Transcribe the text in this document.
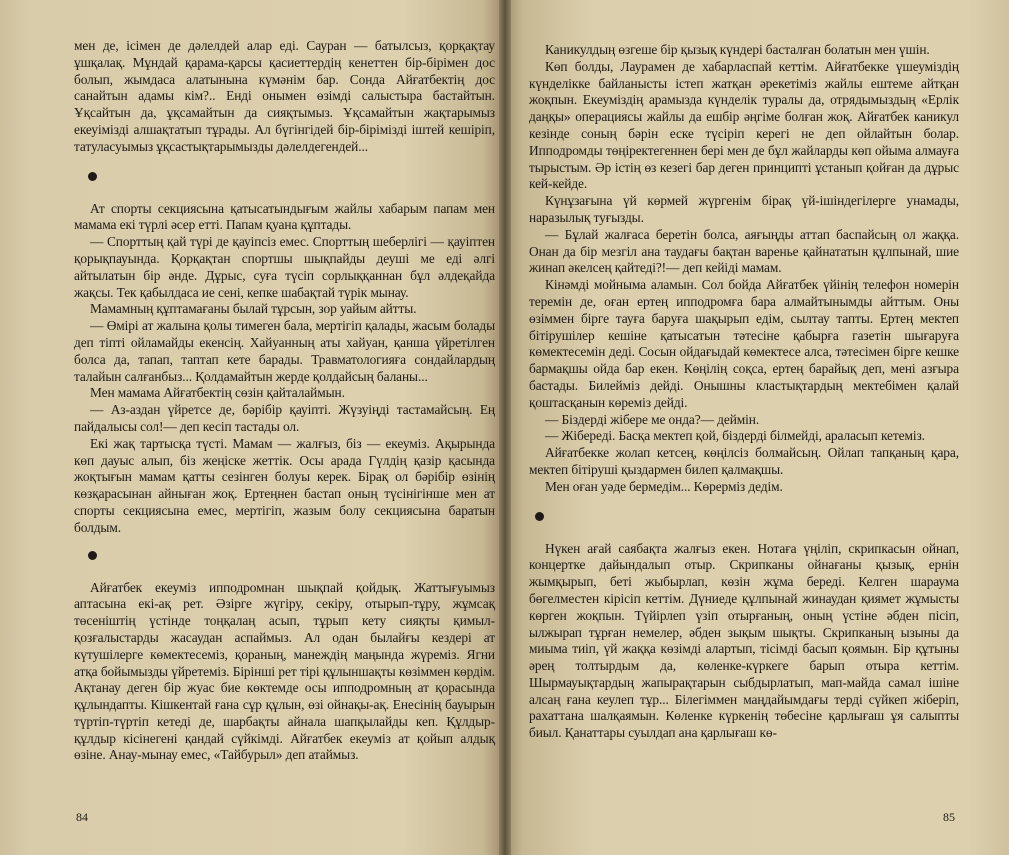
мен де, ісімен де дәлелдей алар еді. Сауран — батылсыз, қорқақтау ұшқалақ. Мұндай қарама-қарсы қасиеттердің кенеттен бір-бірімен дос болып, жымдаса алатынына күмәнім бар. Сонда Айғатбектің дос санайтын адамы кім?.. Енді онымен өзімді салыстыра бастайтын. Ұқсайтын да, ұқсамайтын да сияқтымыз. Ұқсамайтын жақтарымыз екеуімізді алшақтатып тұрады. Ал бүгінгідей бір-бірімізді іштей кешіріп, татуласуымыз ұқсастықтарымызды дәлелдегендей...

Ат спорты секциясына қатысатындығым жайлы хабарым папам мен мамама екі түрлі әсер етті. Папам қуана құптады.

— Спорттың қай түрі де қауіпсіз емес. Спорттың шеберлігі — қауіптен қорықпауында. Қорқақтан спортшы шықпайды деуші ме еді әлгі айтылатын бір әнде. Дұрыс, суға түсіп сорлыққаннан бұл әлдеқайда жақсы. Тек қабылдаса ие сені, кепке шабақтай түрік мынау.

Мамамның құптамағаны былай тұрсын, зор уайым айтты.

— Өмірі ат жалына қолы тимеген бала, мертігіп қалады, жасым болады деп тіпті ойламайды екенсің. Хайуанның аты хайуан, қанша үйретілген болса да, тапап, таптап кете барады. Травматологияға сондайлардың талайын салғанбыз... Қолдамайтын жерде қолдайсың баланы...

Мен мамама Айғатбектің сөзін қайталаймын.

— Аз-аздан үйретсе де, бәрібір қауіпті. Жүзуіңді тастамайсың. Ең пайдалысы сол!— деп кесіп тастады ол.

Екі жақ тартысқа түсті. Мамам — жалғыз, біз — екеуміз. Ақырында көп дауыс алып, біз жеңіске жеттік. Осы арада Гүлдің қазір қасында жоқтығын мамам қатты сезінген болуы керек. Бірақ ол бәрібір өзінің көзқарасынан айныған жоқ. Ертеңнен бастап оның түсінігінше мен ат спорты секциясына емес, мертігіп, жазым болу секциясына баратын болдым.

Айғатбек екеуміз ипподромнан шықпай қойдық. Жаттығуымыз аптасына екі-ақ рет. Әзірге жүгіру, секіру, отырып-тұру, жұмсақ төсеніштің үстінде тоңқалаң асып, тұрып кету сияқты қимыл-қозғалыстарды жасаудан аспаймыз. Ал одан былайғы кездері ат күтушілерге көмектесеміз, қораның, манеждің маңында жүреміз. Ягни атқа бойымызды үйретеміз. Біріншi рет тірі құлыншақты көзіммен көрдім. Ақтанау деген бір жуас бие көктемде осы ипподромның ат қорасында құлындапты. Кішкентай ғана сұр құлын, өзі ойнақы-ақ. Енесінің бауырын түртіп-түртіп кетеді де, шарбақты айнала шапқылайды кеп. Құлдыр-құлдыр кісінегені қандай сүйкімді. Айғатбек екеуміз ат қойып алдық өзіне. Анау-мынау емес, «Тайбурыл» деп атаймыз.

84

Каникулдың өзгеше бір қызық күндері басталған болатын мен үшін.

Көп болды, Лаурамен де хабарласпай кеттім. Айғатбекке үшеуміздің күнделікке байланысты істеп жатқан әрекетіміз жайлы ештеме айтқан жоқпын. Екеуміздің арамызда күнделік туралы да, отрядымыздың «Ерлік даңқы» операциясы жайлы да ешбір әңгіме болған жоқ. Айғатбек каникул кезінде соның бәрін еске түсіріп керегі не деп ойлайтын болар. Ипподромды төңіректегеннен бері мен де бұл жайларды көп ойыма алмауға тырыстым. Әр істің өз кезегі бар деген принципті ұстанып қойған да дұрыс кей-кейде.

Күнұзағына үй көрмей жүргенім бірақ үй-ішіндегілерге унамады, наразылық туғызды.

— Бұлай жалғаса беретін болса, аяғыңды аттап баспайсың ол жаққа. Онан да бір мезгіл ана таудағы бақтан варенье қайнататын құлпынай, шие жинап әкелсең қайтеді?!— деп кейіді мамам.

Кінәмді мойныма аламын. Сол бойда Айғатбек үйінің телефон номерін теремін де, оған ертең ипподромға бара алмайтынымды айттым. Оны өзіммен бірге тауға баруға шақырып едім, сылтау тапты. Ертең мектеп бітірушілер кешіне қатысатын тәтесіне қабырға газетін шығаруға көмектесемін деді. Сосын ойдағыдай көмектесе алса, тәтесімен бірге кешке бармақшы ойда бар екен. Көңілің соқса, ертең барайық деп, мені азғыра бастады. Билейміз дейді. Онышны кластықтардың мектебімен қалай қоштасқанын көреміз дейді.

— Біздерді жібере ме онда?— деймін.

— Жібереді. Басқа мектеп қой, біздерді білмейді, араласып кетеміз.

Айғатбекке жолап кетсең, көңілсіз болмайсың. Ойлап тапқаның қара, мектеп бітіруші қыздармен билеп қалмақшы.

Мен оған уәде бермедім... Көрерміз дедім.

Нүкен ағай саябақта жалғыз екен. Нотаға үңіліп, скрипкасын ойнап, концертке дайындалып отыр. Скрипканы ойнағаны қызық, ернін жымқырып, беті жыбырлап, көзін жұма береді. Келген шараума бөгелместен кірісіп кеттім. Дүниеде құлпынай жинаудан қиямет жұмысты көрген жоқпын. Түйірлеп үзіп отырғаның, оның үстіне әбден пісіп, ылжырап тұрған немелер, әбден зықым шықты. Скрипканың ызыны да миыма тиіп, үй жаққа көзімді алартып, тісімді басып қоямын. Бір құтыны әрең толтырдым да, көленке-күркеге барып отыра кеттім. Шырмауықтардың жапырақтарын сыбдырлатып, мап-майда самал ішіне алсаң ғана кеулеп тұр... Білегіммен маңдайымдағы терді сүйкеп жіберіп, рахаттана шалқаямын. Көленке күркенің төбесіне қарлығаш ұя салыпты биыл. Қанаттары суылдап ана қарлығаш кө-

85
